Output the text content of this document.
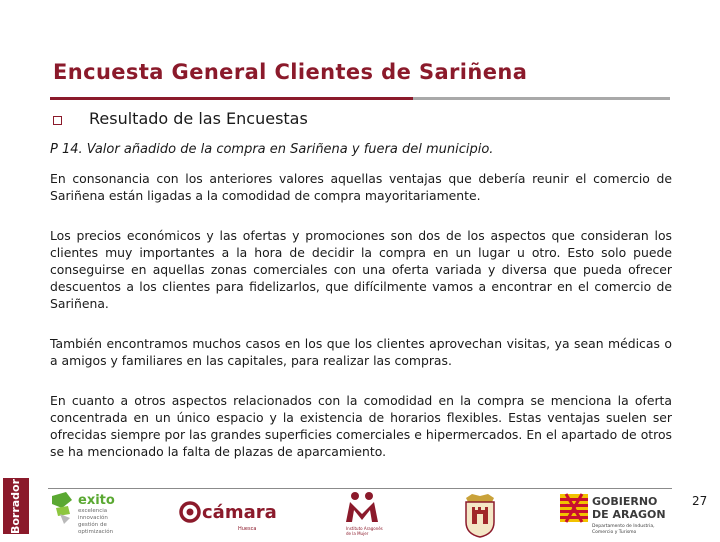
Encuesta General Clientes de Sariñena
Resultado de las Encuestas
P 14. Valor añadido de la compra en Sariñena y fuera del municipio.

En consonancia con los anteriores valores aquellas ventajas que debería reunir el comercio de Sariñena están ligadas a la comodidad de compra mayoritariamente.

Los precios económicos y las ofertas y promociones son dos de los aspectos que consideran los clientes muy importantes a la hora de decidir la compra en un lugar u otro. Esto solo puede conseguirse en aquellas zonas comerciales con una oferta variada y diversa que pueda ofrecer descuentos a los clientes para fidelizarlos, que difícilmente vamos a encontrar en el comercio de Sariñena.

También encontramos muchos casos en los que los clientes aprovechan visitas, ya sean médicas o a amigos y familiares en las capitales, para realizar las compras.

En cuanto a otros aspectos relacionados con la comodidad en la compra se menciona la oferta concentrada en un único espacio y la existencia de horarios flexibles. Estas ventajas suelen ser ofrecidas siempre por las grandes superficies comerciales e hipermercados. En el apartado de otros se ha mencionado la falta de plazas de aparcamiento.

Borrador	exito
excelencia
innovación
gestión de
optimización
cámara
Huesca	Instituto Aragonés
de la Mujer
GOBIERNO
DE ARAGON
Departamento de Industria,
Comercio y Turismo
27
